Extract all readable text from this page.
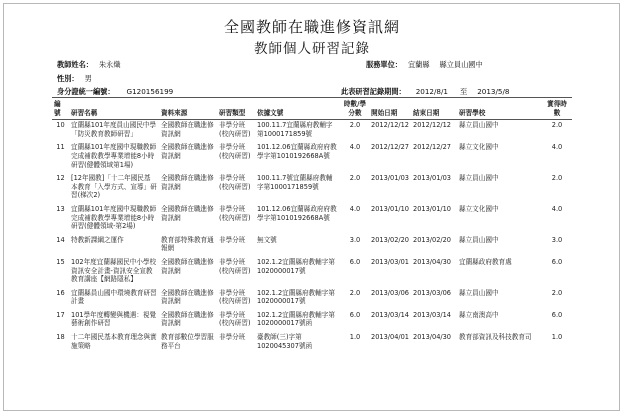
全國教師在職進修資訊網
教師個人研習記錄
教師姓名： 朱永熾	服務單位： 宜蘭縣 縣立員山國中
性別： 男
身分證統一編號： G120156199	此表研習記錄期間： 2012/8/1 至 2013/5/8
編號	研習名稱	資料來源	研習類型	依據文號	時數/學分數	開始日期	結束日期	研習學校	實得時數
10	宜蘭縣101年度員山國民中學「防災教育教師研習」	全國教師在職進修資訊網	非學分班(校內研習)	100.11.7宜蘭縣府教輔字第1000171859號	2.0	2012/12/12	2012/12/12	縣立員山國中	2.0
11	宜蘭縣101年度國中現職教師完成補救教學專業增能8小時研習(健體領域第1場)	全國教師在職進修資訊網	非學分班(校內研習)	101.12.06宜蘭縣政府府教學字第1010192668A號	4.0	2012/12/27	2012/12/27	縣立文化國中	4.0
12	[12年國教]「十二年國民基本教育「入學方式、宣導」研習(梯次2)	全國教師在職進修資訊網	非學分班(校內研習)	100.11.7號宜蘭縣府教輔字第1000171859號	2.0	2013/01/03	2013/01/03	縣立員山國中	2.0
13	宜蘭縣101年度國中現職教師完成補救教學專業增能8小時研習(健體領域-第2場)	全國教師在職進修資訊網	非學分班(校內研習)	101.12.06宜蘭縣政府府教學字第1010192668A號	4.0	2013/01/10	2013/01/10	縣立文化國中	4.0
14	特教新課綱之運作	教育部特殊教育通報網	非學分班	無文號	3.0	2013/02/20	2013/02/20	縣立員山國中	3.0
15	102年度宜蘭縣國民中小學校資訊安全計畫-資訊安全宣教教育講座【網路隱私】	全國教師在職進修資訊網	非學分班(校內研習)	102.1.2宜蘭縣府教輔字第1020000017號	6.0	2013/03/01	2013/04/30	宜蘭縣政府教育處	6.0
16	宜蘭縣員山國中環境教育研習計畫	全國教師在職進修資訊網	非學分班(校內研習)	102.1.2宜蘭縣府教輔字第1020000017號	2.0	2013/03/06	2013/03/06	縣立員山國中	2.0
17	101學年度轉變與機遇：視覺藝術創作研習	全國教師在職進修資訊網	非學分班(校內研習)	102.1.2宜蘭縣府教輔字第1020000017號函	6.0	2013/03/14	2013/03/14	縣立南澳高中	6.0
18	十二年國民基本教育理念與實施策略	教育部數位學習服務平台	非學分班	臺教師(三)字第1020045307號函	1.0	2013/04/01	2013/04/30	教育部資訊及科技教育司	1.0
